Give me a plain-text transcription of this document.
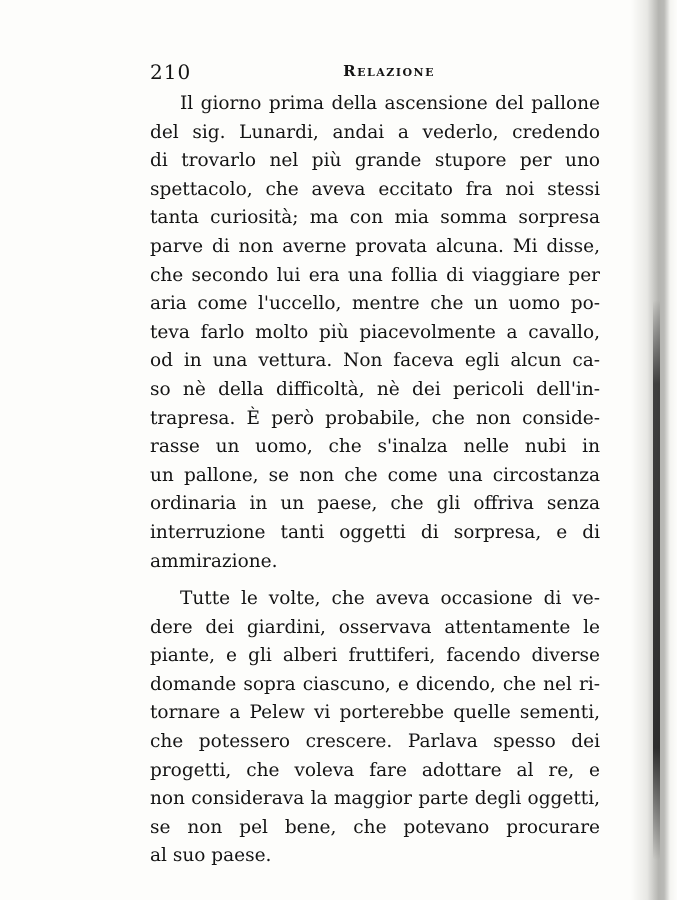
210	Relazione
Il giorno prima della ascensione del pallone
del sig. Lunardi, andai a vederlo, credendo
di trovarlo nel più grande stupore per uno
spettacolo, che aveva eccitato fra noi stessi
tanta curiosità; ma con mia somma sorpresa
parve di non averne provata alcuna. Mi disse,
che secondo lui era una follia di viaggiare per
aria come l'uccello, mentre che un uomo po-
teva farlo molto più piacevolmente a cavallo,
od in una vettura. Non faceva egli alcun ca-
so nè della difficoltà, nè dei pericoli dell'in-
trapresa. È però probabile, che non conside-
rasse un uomo, che s'inalza nelle nubi in
un pallone, se non che come una circostanza
ordinaria in un paese, che gli offriva senza
interruzione tanti oggetti di sorpresa, e di
ammirazione.
Tutte le volte, che aveva occasione di ve-
dere dei giardini, osservava attentamente le
piante, e gli alberi fruttiferi, facendo diverse
domande sopra ciascuno, e dicendo, che nel ri-
tornare a Pelew vi porterebbe quelle sementi,
che potessero crescere. Parlava spesso dei
progetti, che voleva fare adottare al re, e
non considerava la maggior parte degli oggetti,
se non pel bene, che potevano procurare
al suo paese.
